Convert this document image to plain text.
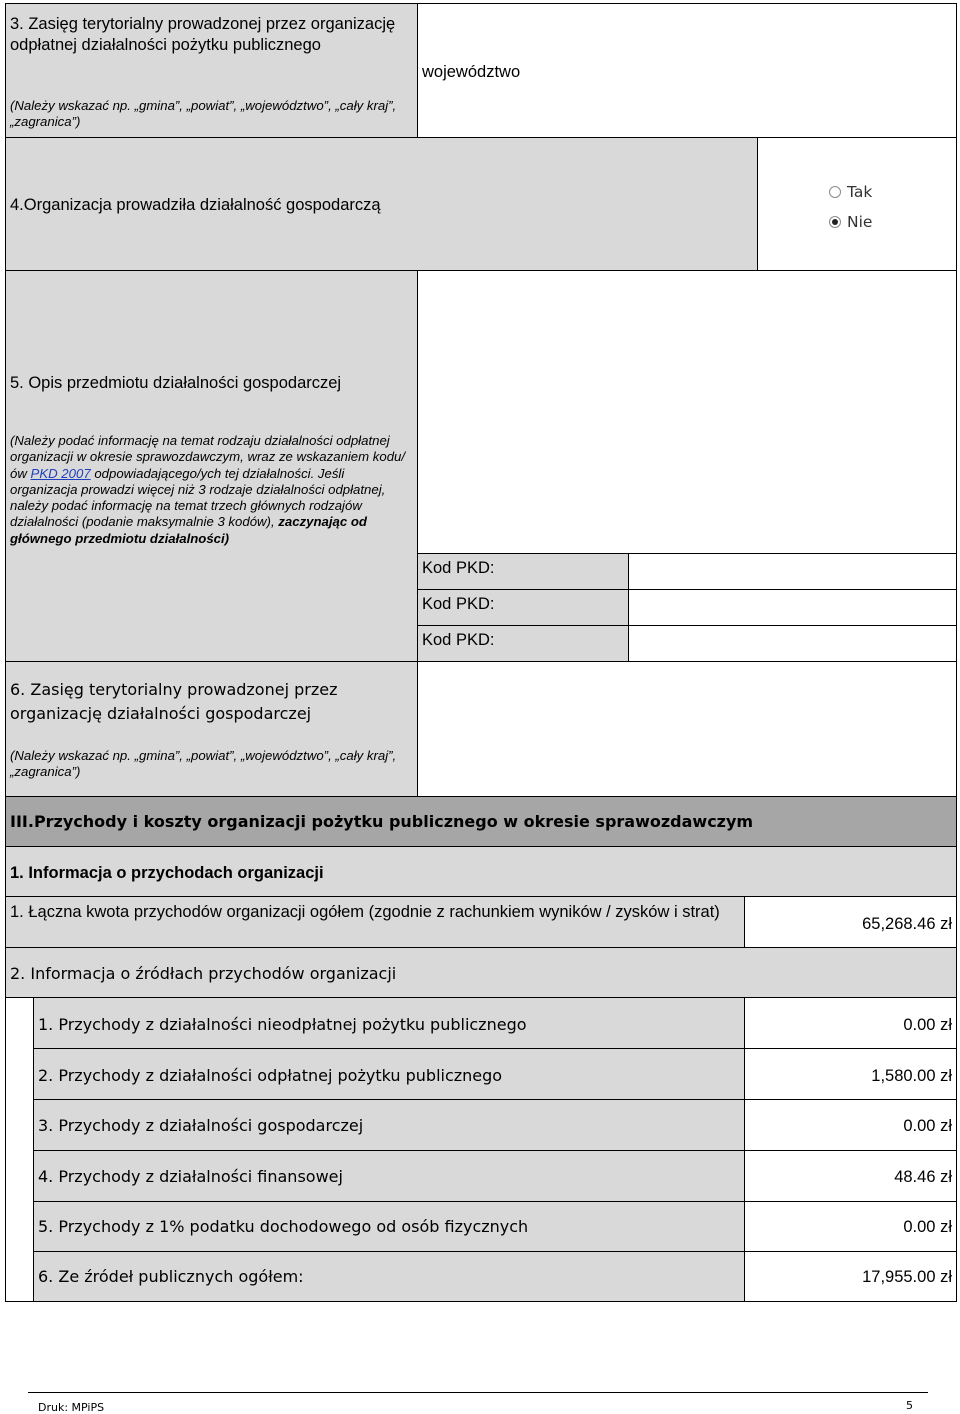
3. Zasięg terytorialny prowadzonej przez organizację odpłatnej działalności pożytku publicznego
(Należy wskazać np. „gmina”, „powiat”, „województwo”, „cały kraj”, „zagranica”)
województwo
4.Organizacja prowadziła działalność gospodarczą
Tak
Nie
5. Opis przedmiotu działalności gospodarczej
(Należy podać informację na temat rodzaju działalności odpłatnej organizacji w okresie sprawozdawczym, wraz ze wskazaniem kodu/ów PKD 2007 odpowiadającego/ych tej działalności. Jeśli organizacja prowadzi więcej niż 3 rodzaje działalności odpłatnej, należy podać informację na temat trzech głównych rodzajów działalności (podanie maksymalnie 3 kodów), zaczynając od głównego przedmiotu działalności)
Kod PKD:
Kod PKD:
Kod PKD:
6. Zasięg terytorialny prowadzonej przez organizację działalności gospodarczej
(Należy wskazać np. „gmina”, „powiat”, „województwo”, „cały kraj”, „zagranica”)
III.Przychody i koszty organizacji pożytku publicznego w okresie sprawozdawczym
1. Informacja o przychodach organizacji
1. Łączna kwota przychodów organizacji ogółem (zgodnie z rachunkiem wyników / zysków i strat)
65,268.46 zł
2. Informacja o źródłach przychodów organizacji
1. Przychody z działalności nieodpłatnej pożytku publicznego	0.00 zł
2. Przychody z działalności odpłatnej pożytku publicznego	1,580.00 zł
3. Przychody z działalności gospodarczej	0.00 zł
4. Przychody z działalności finansowej	48.46 zł
5. Przychody z 1% podatku dochodowego od osób fizycznych	0.00 zł
6. Ze źródeł publicznych ogółem:	17,955.00 zł
Druk: MPiPS	5
